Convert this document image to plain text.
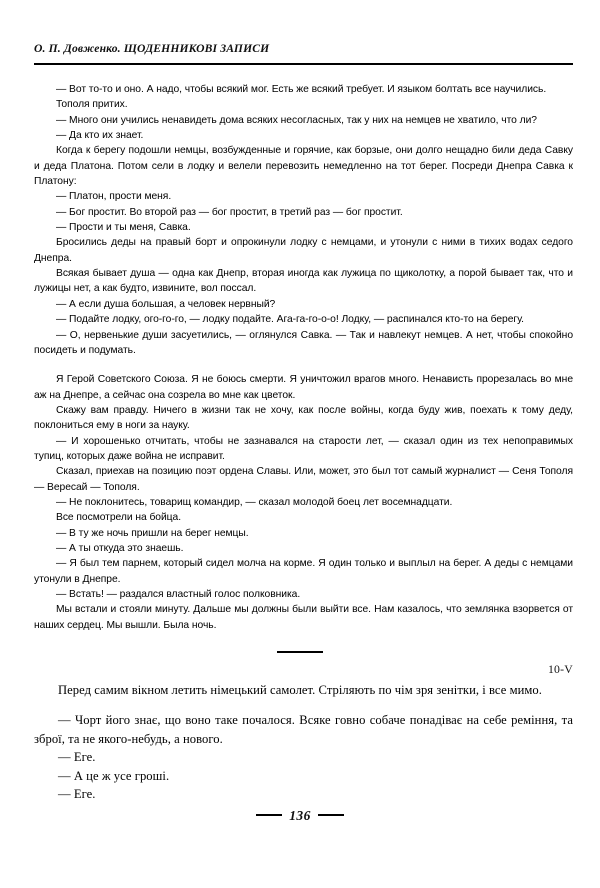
О. П. Довженко. ЩОДЕННИКОВІ ЗАПИСИ

— Вот то-то и оно. А надо, чтобы всякий мог. Есть же всякий требует. И языком болтать все научились.

Тополя притих.

— Много они учились ненавидеть дома всяких несогласных, так у них на немцев не хватило, что ли?

— Да кто их знает.

Когда к берегу подошли немцы, возбужденные и горячие, как борзые, они долго нещадно били деда Савку и деда Платона. Потом сели в лодку и велели перевозить немедленно на тот берег. Посреди Днепра Савка к Платону:

— Платон, прости меня.

— Бог простит. Во второй раз — бог простит, в третий раз — бог простит.

— Прости и ты меня, Савка.

Бросились деды на правый борт и опрокинули лодку с немцами, и утонули с ними в тихих водах седого Днепра.

Всякая бывает душа — одна как Днепр, вторая иногда как лужица по щиколотку, а порой бывает так, что и лужицы нет, а как будто, извините, вол поссал.

— А если душа большая, а человек нервный?

— Подайте лодку, ого-го-го, — лодку подайте. Ага-га-го-о-о! Лодку, — распинался кто-то на берегу.

— О, нервенькие души засуетились, — оглянулся Савка. — Так и навлекут немцев. А нет, чтобы спокойно посидеть и подумать.

Я Герой Советского Союза. Я не боюсь смерти. Я уничтожил врагов много. Ненависть прорезалась во мне аж на Днепре, а сейчас она созрела во мне как цветок.

Скажу вам правду. Ничего в жизни так не хочу, как после войны, когда буду жив, поехать к тому деду, поклониться ему в ноги за науку.

— И хорошенько отчитать, чтобы не зазнавался на старости лет, — сказал один из тех непоправимых тупиц, которых даже война не исправит.

Сказал, приехав на позицию поэт ордена Славы. Или, может, это был тот самый журналист — Сеня Тополя — Вересай — Тополя.

— Не поклонитесь, товарищ командир, — сказал молодой боец лет восемнадцати.

Все посмотрели на бойца.

— В ту же ночь пришли на берег немцы.

— А ты откуда это знаешь.

— Я был тем парнем, который сидел молча на корме. Я один только и выплыл на берег. А деды с немцами утонули в Днепре.

— Встать! — раздался властный голос полковника.

Мы встали и стояли минуту. Дальше мы должны были выйти все. Нам казалось, что землянка взорвется от наших сердец. Мы вышли. Была ночь.

10-V

Перед самим вікном летить німецький самолет. Стріляють по чім зря зенітки, і все мимо.

— Чорт його знає, що воно таке почалося. Всяке говно собаче понадіває на себе реміння, та зброї, та не якого-небудь, а нового.

— Еге.

— А це ж усе гроші.

— Еге.

136
